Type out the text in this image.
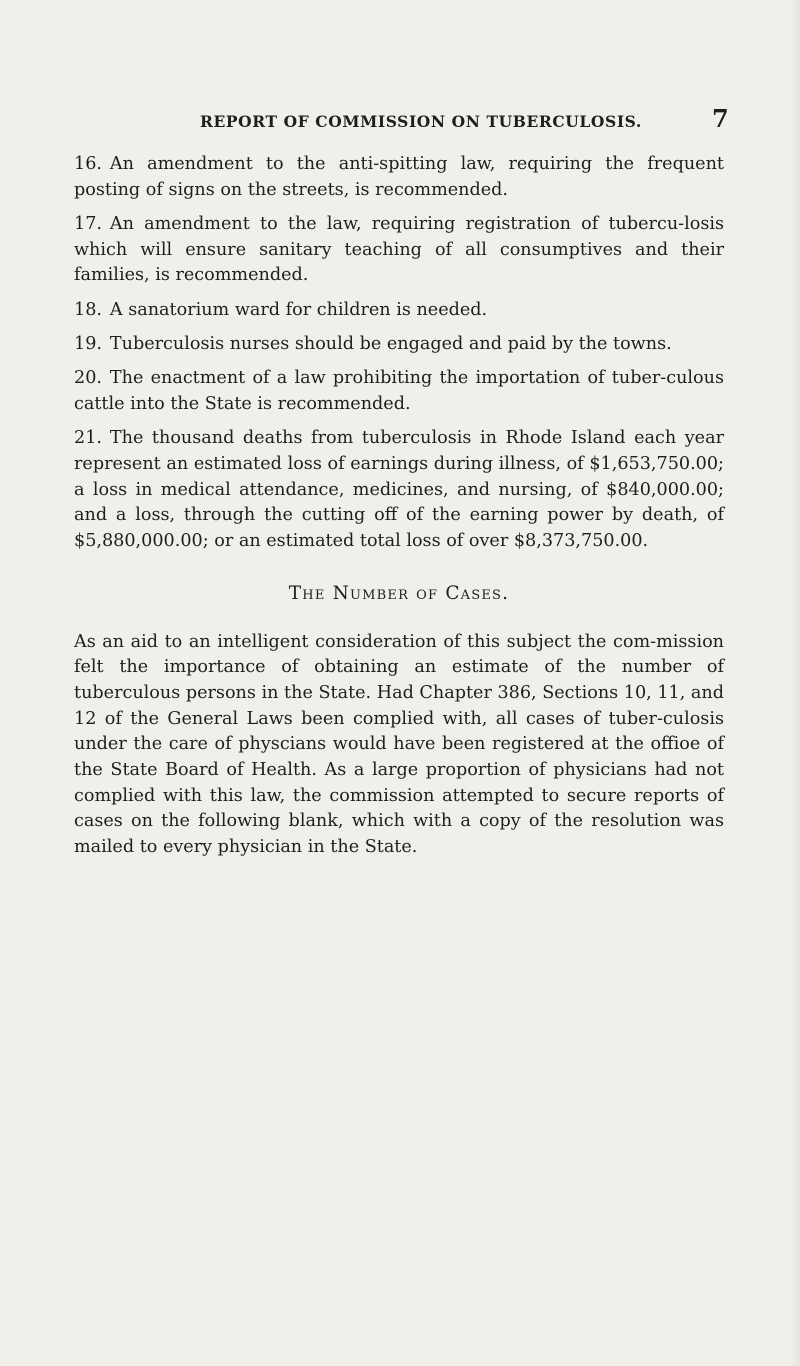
REPORT OF COMMISSION ON TUBERCULOSIS.	7

16. An amendment to the anti-spitting law, requiring the frequent posting of signs on the streets, is recommended.

17. An amendment to the law, requiring registration of tubercu-losis which will ensure sanitary teaching of all consumptives and their families, is recommended.

18. A sanatorium ward for children is needed.

19. Tuberculosis nurses should be engaged and paid by the towns.

20. The enactment of a law prohibiting the importation of tuber-culous cattle into the State is recommended.

21. The thousand deaths from tuberculosis in Rhode Island each year represent an estimated loss of earnings during illness, of $1,653,750.00; a loss in medical attendance, medicines, and nursing, of $840,000.00; and a loss, through the cutting off of the earning power by death, of $5,880,000.00; or an estimated total loss of over $8,373,750.00.

The Number of Cases.

As an aid to an intelligent consideration of this subject the com-mission felt the importance of obtaining an estimate of the number of tuberculous persons in the State. Had Chapter 386, Sections 10, 11, and 12 of the General Laws been complied with, all cases of tuber-culosis under the care of physcians would have been registered at the offioe of the State Board of Health. As a large proportion of physicians had not complied with this law, the commission attempted to secure reports of cases on the following blank, which with a copy of the resolution was mailed to every physician in the State.
